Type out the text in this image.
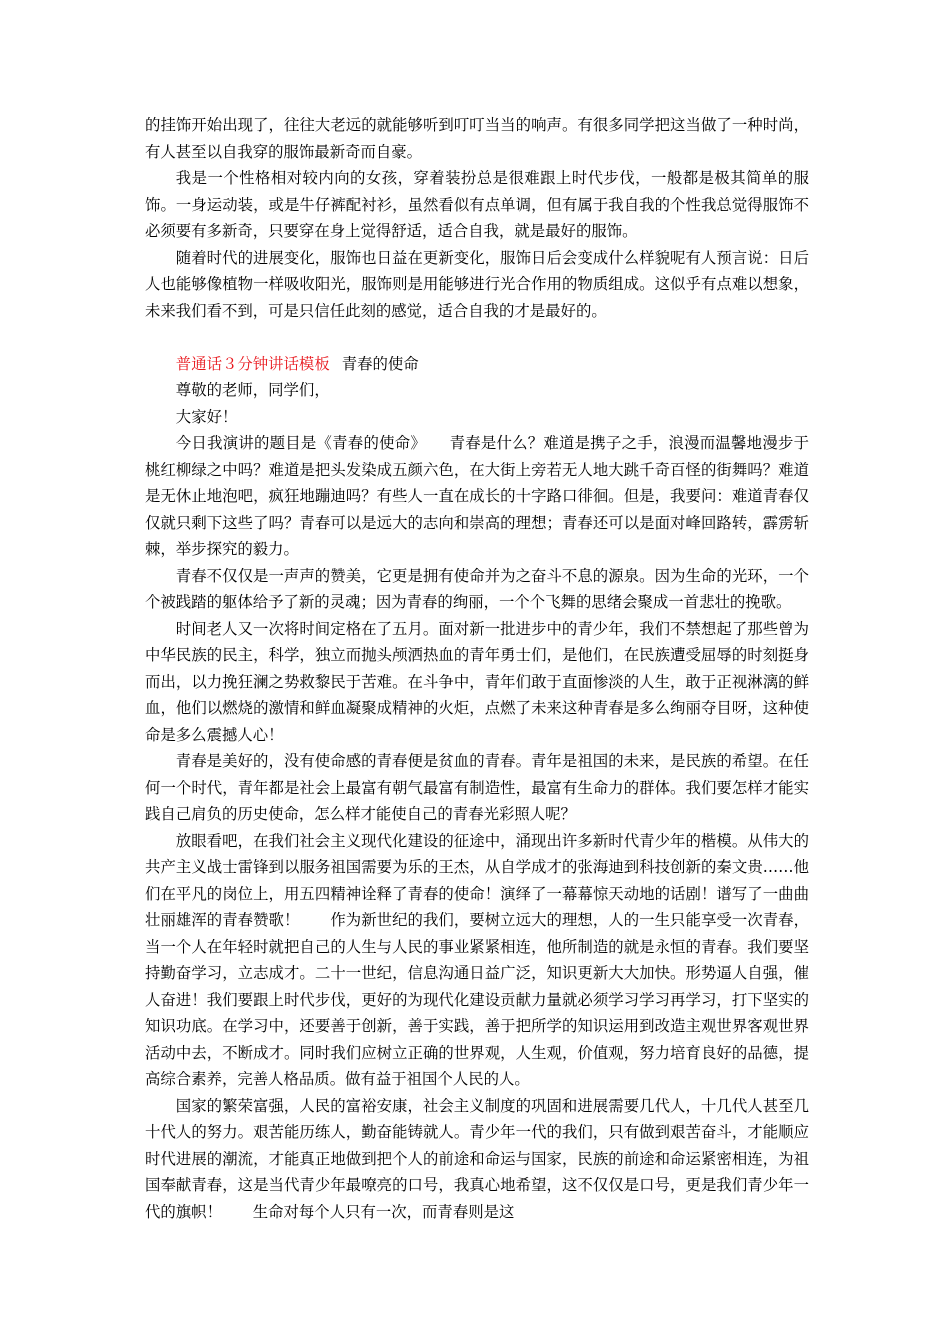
的挂饰开始出现了，往往大老远的就能够听到叮叮当当的响声。有很多同学把这当做了一种时尚，有人甚至以自我穿的服饰最新奇而自豪。

我是一个性格相对较内向的女孩，穿着装扮总是很难跟上时代步伐，一般都是极其简单的服饰。一身运动装，或是牛仔裤配衬衫，虽然看似有点单调，但有属于我自我的个性我总觉得服饰不必须要有多新奇，只要穿在身上觉得舒适，适合自我，就是最好的服饰。

随着时代的进展变化，服饰也日益在更新变化，服饰日后会变成什么样貌呢有人预言说：日后人也能够像植物一样吸收阳光，服饰则是用能够进行光合作用的物质组成。这似乎有点难以想象，未来我们看不到，可是只信任此刻的感觉，适合自我的才是最好的。

普通话３分钟讲话模板 青春的使命

尊敬的老师，同学们，

大家好！

今日我演讲的题目是《青春的使命》　　青春是什么？难道是携子之手，浪漫而温馨地漫步于桃红柳绿之中吗？难道是把头发染成五颜六色，在大街上旁若无人地大跳千奇百怪的街舞吗？难道是无休止地泡吧，疯狂地蹦迪吗？有些人一直在成长的十字路口徘徊。但是，我要问：难道青春仅仅就只剩下这些了吗？青春可以是远大的志向和崇高的理想；青春还可以是面对峰回路转，霹雳斩棘，举步探究的毅力。

青春不仅仅是一声声的赞美，它更是拥有使命并为之奋斗不息的源泉。因为生命的光环，一个个被践踏的躯体给予了新的灵魂；因为青春的绚丽，一个个飞舞的思绪会聚成一首悲壮的挽歌。

时间老人又一次将时间定格在了五月。面对新一批进步中的青少年，我们不禁想起了那些曾为中华民族的民主，科学，独立而抛头颅洒热血的青年勇士们，是他们，在民族遭受屈辱的时刻挺身而出，以力挽狂澜之势救黎民于苦难。在斗争中，青年们敢于直面惨淡的人生，敢于正视淋漓的鲜血，他们以燃烧的激情和鲜血凝聚成精神的火炬，点燃了未来这种青春是多么绚丽夺目呀，这种使命是多么震撼人心！

青春是美好的，没有使命感的青春便是贫血的青春。青年是祖国的未来，是民族的希望。在任何一个时代，青年都是社会上最富有朝气最富有制造性，最富有生命力的群体。我们要怎样才能实践自己肩负的历史使命，怎么样才能使自己的青春光彩照人呢？

放眼看吧，在我们社会主义现代化建设的征途中，涌现出许多新时代青少年的楷模。从伟大的共产主义战士雷锋到以服务祖国需要为乐的王杰，从自学成才的张海迪到科技创新的秦文贵……他们在平凡的岗位上，用五四精神诠释了青春的使命！演绎了一幕幕惊天动地的话剧！谱写了一曲曲壮丽雄浑的青春赞歌！　　作为新世纪的我们，要树立远大的理想，人的一生只能享受一次青春，当一个人在年轻时就把自己的人生与人民的事业紧紧相连，他所制造的就是永恒的青春。我们要坚持勤奋学习，立志成才。二十一世纪，信息沟通日益广泛，知识更新大大加快。形势逼人自强，催人奋进！我们要跟上时代步伐，更好的为现代化建设贡献力量就必须学习学习再学习，打下坚实的知识功底。在学习中，还要善于创新，善于实践，善于把所学的知识运用到改造主观世界客观世界活动中去，不断成才。同时我们应树立正确的世界观，人生观，价值观，努力培育良好的品德，提高综合素养，完善人格品质。做有益于祖国个人民的人。

国家的繁荣富强，人民的富裕安康，社会主义制度的巩固和进展需要几代人，十几代人甚至几十代人的努力。艰苦能历练人，勤奋能铸就人。青少年一代的我们，只有做到艰苦奋斗，才能顺应时代进展的潮流，才能真正地做到把个人的前途和命运与国家，民族的前途和命运紧密相连，为祖国奉献青春，这是当代青少年最嘹亮的口号，我真心地希望，这不仅仅是口号，更是我们青少年一代的旗帜！　　生命对每个人只有一次，而青春则是这
